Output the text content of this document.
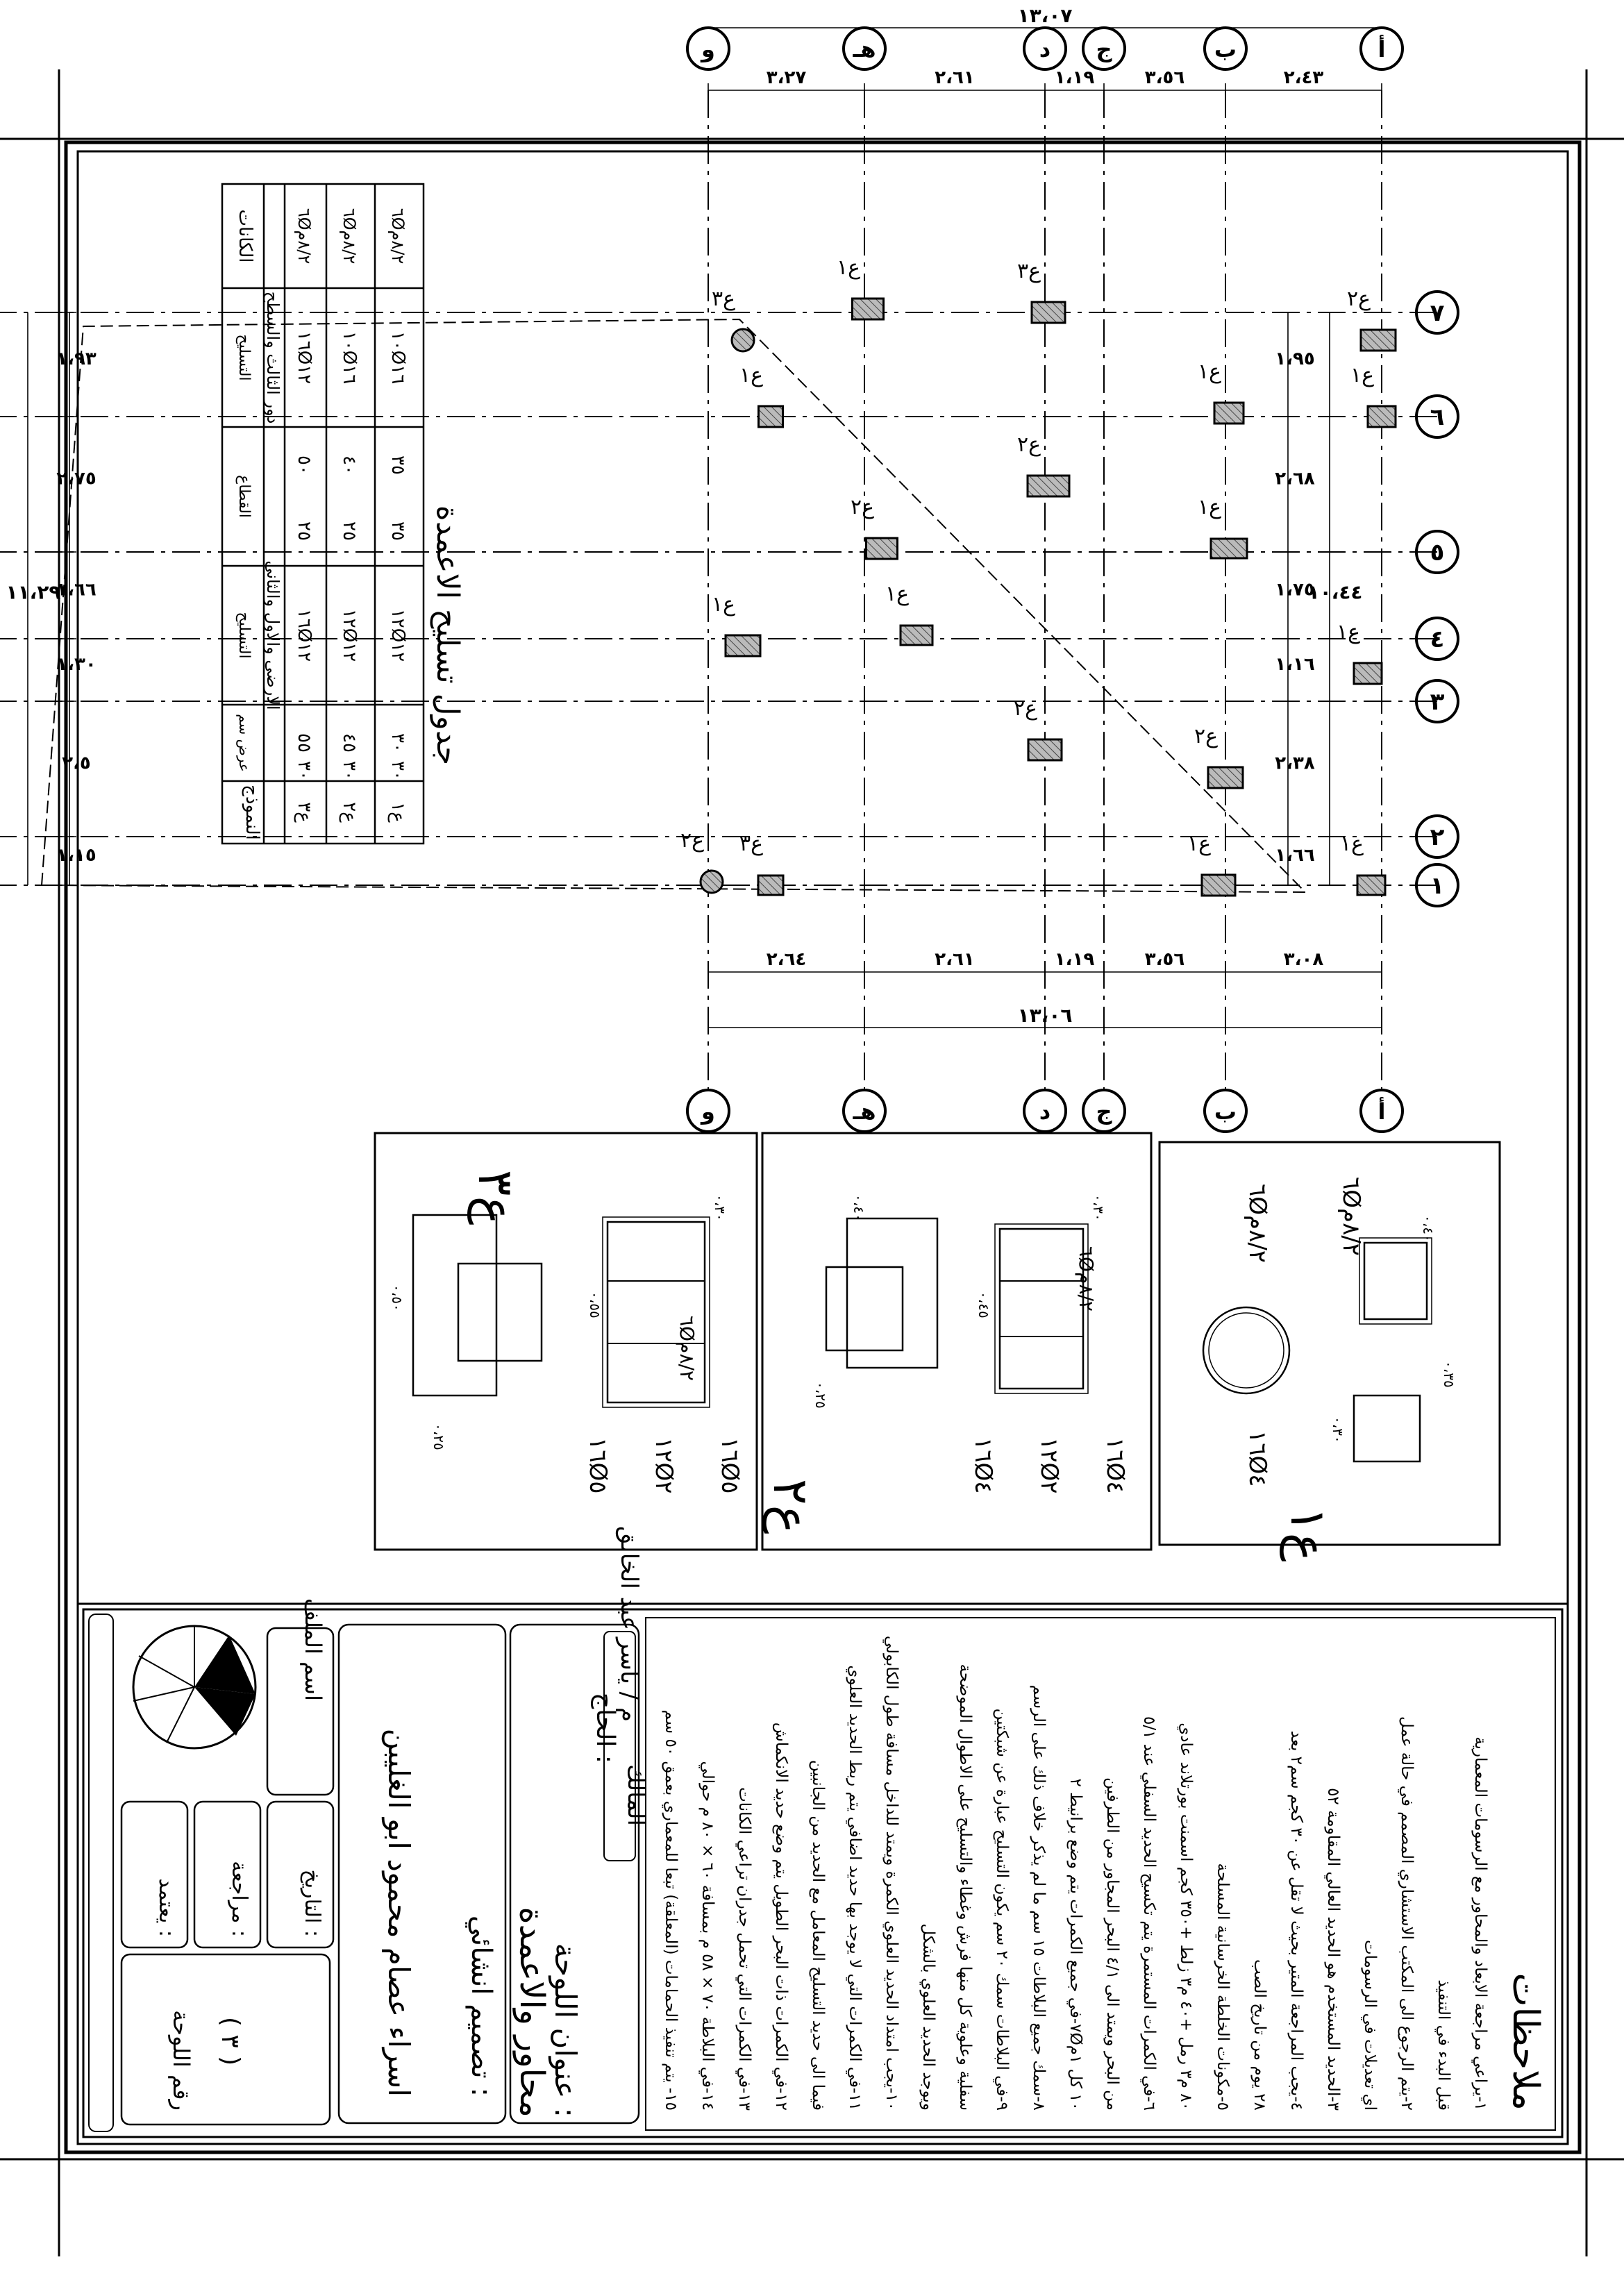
ع١
ع١
ع٣
ع٢
ع٢
ع٢
ع١
ع١
ع١
ع٢
ع١
ع٢
ع١
ع١	ع١
ع٣	ع٢
ع٣
ع١
٣،٠٨
٣،٥٦
١،١٩
٢،٦١
٢،٦٤
١٣،٠٦
٢،٤٣
٣،٥٦
١،١٩
٢،٦١
٣،٢٧
١٣،٠٧
١،١٥
٢،٥
١،٣٠
١،٦٦
٢،٧٥
١،٩٣
١١،٢٩
١،٦٦
٢،٣٨
١،١٦
١،٧٥
٢،٦٨
١،٩٥
١٠،٤٤
١
٢
٣
٤
٥
٦
٧
أ
أ
ب
ب
ج
ج
د
د
هـ
هـ
و
و
جدول تسليح الاعمدة
الكانات
دور الثالث والسطح
التسليح
القطاع
الارضي والاول والثاني
التسليح
عرض سم
النموذج
٦Ø٨/٢م
١٠Ø١٦
٣٥
٣٥
١٢Ø١٢
٣٠
٣٠
ع١
٦Ø٨/٢م
١٠Ø١٦
٤٠
٢٥
١٢Ø١٢
٤٥
٣٠
ع٢
٦Ø٨/٢م
١٦Ø١٢
٥٠
٢٥
١٦Ø١٢
٥٥
٣٠
ع٣
ع١
٠،٤٠
٠،٣٥
٠،٣٠
٦Ø٨/٢م
٦Ø٨/٢م
١٦Ø٤
ع٢
١٦Ø٤
١٢Ø٢
١٦Ø٤
٦Ø٨/٢م
٠،٣٠
٠،٤٥
٠،٢٥
٠،٤٠
ع٣
١٦Ø٥
١٢Ø٢
١٦Ø٥
٦Ø٨/٢م
٠،٣٠
٠،٥٥
٠،٢٥
٠،٥٠
ملاحظات
١-يراعي مراجعة الابعاد والمحاور مع الرسومات المعمارية
قبل البدء في التنفيذ
٢-يتم الرجوع الى المكتب الاستشاري المصمم في حالة عمل
اي تعديلات في الرسومات
٣-الحديد المستخدم هو الحديد العالي المقاومة ٥٢
٤-يجب المراجعة المتير بحيث لا تقل عن ٣٠ كجم سم٢ بعد
٢٨ يوم من تاريخ الصب
٥-مكونات الخلطة الخرسانية المسلحة
٨٠ م٣ رمل +٤٠ م٣ زلط +٣٥٠ كجم اسمنت بورتلاند عادي
٦-في الكمرات المستمرة يتم تكسيح الحديد السفلي عند ٥/١
من البحر ويمتد الى ٤/١ البحر المجاور من الطرفين
٧-في جميع الكمرات يتم وضع برانيط ٢Ø١٠ كل ١م
٨-سمك جميع البلاطات ١٥ سم ما لم يذكر خلاف ذلك على الرسم
٩-في البلاطات سمك ٢٠ سم يكون التسليح عبارة عن شبكتين
سفلية وعلوية كل منها فرش وغطاء والتسليح على الاطوال الموضحة
ويوجد الحديد العلوي بالشكل
١٠-يجب امتداد الحديد العلوي الكمرة ويمتد للداخل مسافة طول الكابولي
١١-في الكمرات التي لا يوجد بها حديد اضافي يتم ربط الحديد العلوي
فيما الى حديد التسليح المعامل مع الحديد من الجانبين
١٢-في الكمرات ذات البحر الطويل يتم وضع حديد الانكماش
١٣-في الكمرات التي تحمل جدران تراعي الكانات
١٤-في البلاطة ٧٠ × ٥٨ م بمسافة ٦٠ × ٨٠ م حوالي
١٥- يتم تنفيذ الحمامات (المعلقة) تبعا للمعماري بعمق ٥٠ سم
المالك
م / ياسر عبد الخالق
الحاج :
عنوان اللوحة :
محاور والاعمدة
تصميم انشائي :
اسراء عصام محمود ابو الغليبن
اسم الملف
التاريخ :
مراجعة :
يعتمد :
رقم اللوحة ( ٣ )
